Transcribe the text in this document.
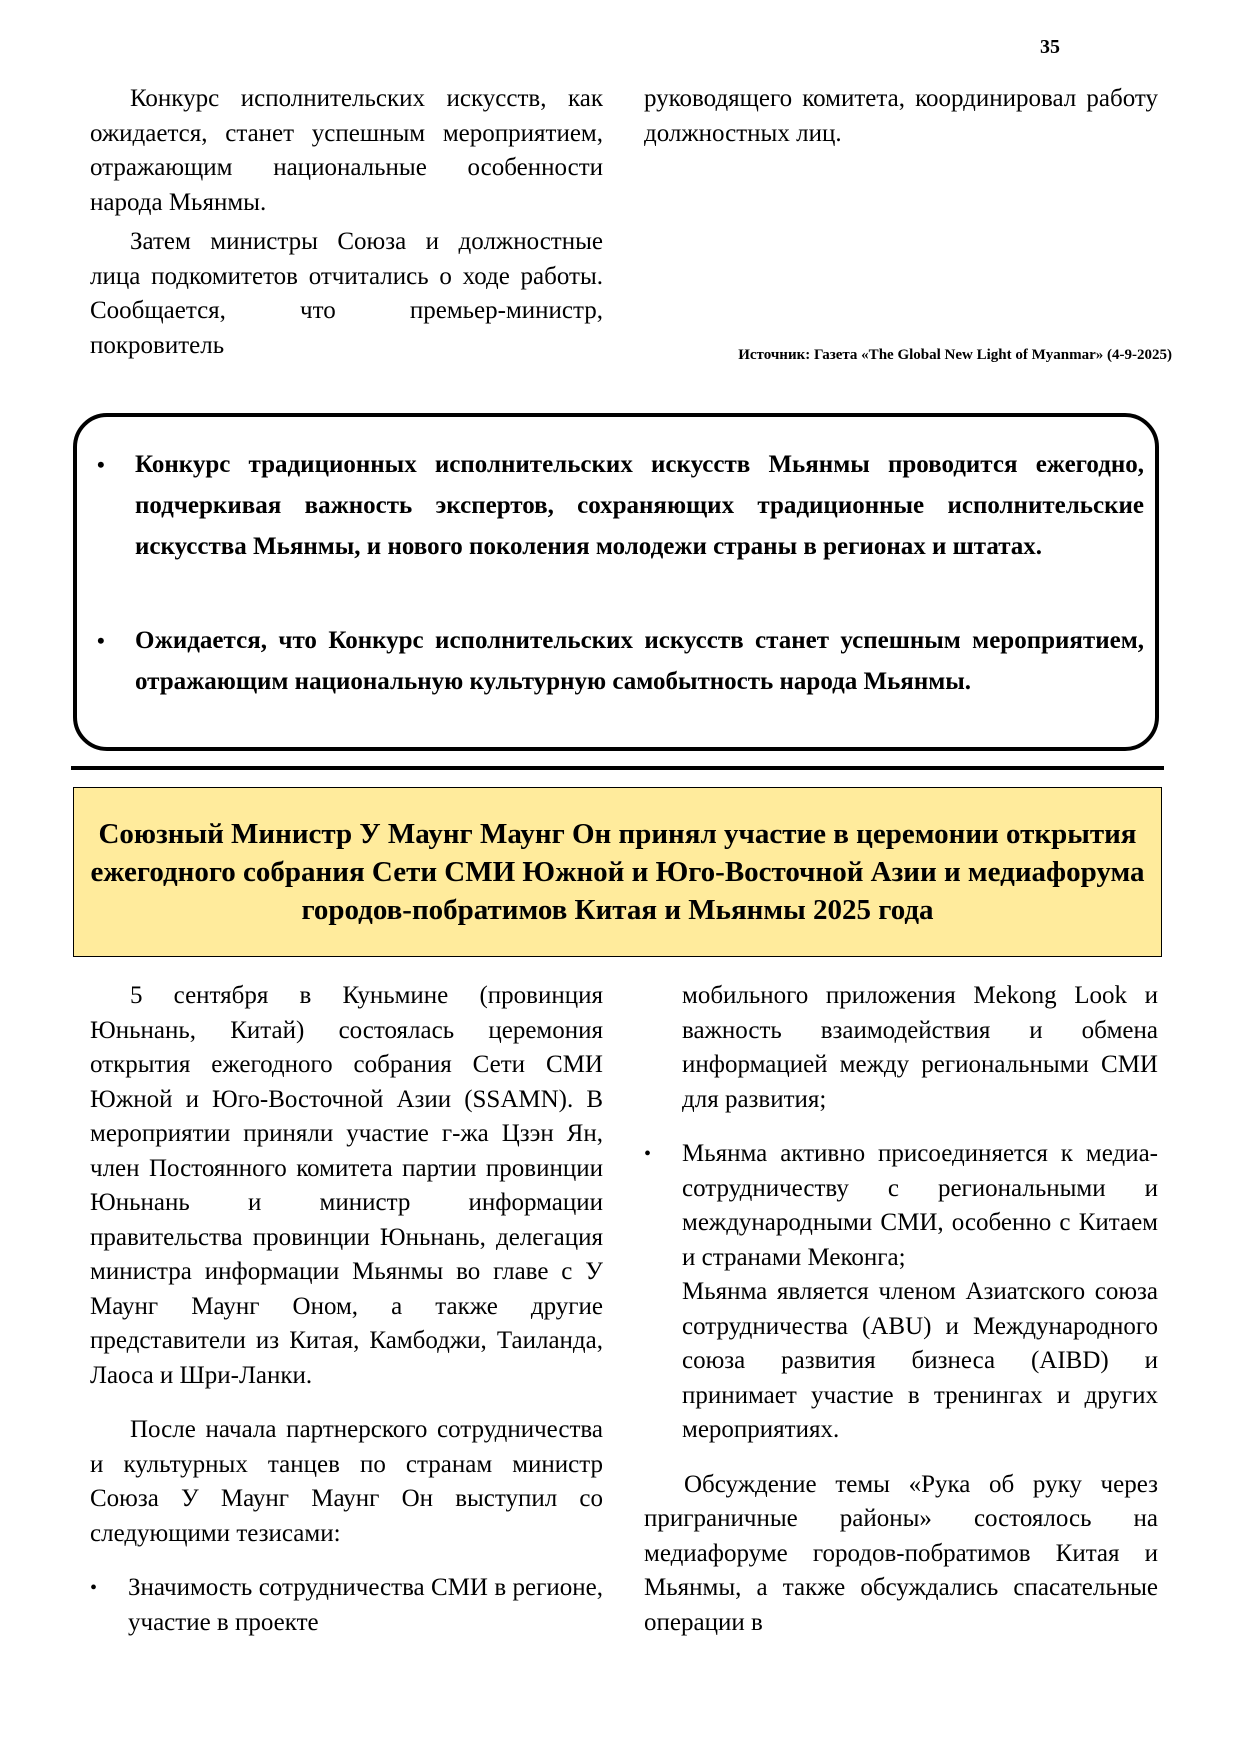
35

Конкурс исполнительских искусств, как ожидается, станет успешным мероприятием, отражающим национальные особенности народа Мьянмы.

Затем министры Союза и должностные лица подкомитетов отчитались о ходе работы. Сообщается, что премьер-министр, покровитель

руководящего комитета, координировал работу должностных лиц.

Источник: Газета «The Global New Light of Myanmar» (4-9-2025)
• Конкурс традиционных исполнительских искусств Мьянмы проводится ежегодно, подчеркивая важность экспертов, сохраняющих традиционные исполнительские искусства Мьянмы, и нового поколения молодежи страны в регионах и штатах.
• Ожидается, что Конкурс исполнительских искусств станет успешным мероприятием, отражающим национальную культурную самобытность народа Мьянмы.
Союзный Министр У Маунг Маунг Он принял участие в церемонии открытия ежегодного собрания Сети СМИ Южной и Юго-Восточной Азии и медиафорума городов-побратимов Китая и Мьянмы 2025 года

5 сентября в Куньмине (провинция Юньнань, Китай) состоялась церемония открытия ежегодного собрания Сети СМИ Южной и Юго-Восточной Азии (SSAMN). В мероприятии приняли участие г-жа Цзэн Ян, член Постоянного комитета партии провинции Юньнань и министр информации правительства провинции Юньнань, делегация министра информации Мьянмы во главе с У Маунг Маунг Оном, а также другие представители из Китая, Камбоджи, Таиланда, Лаоса и Шри-Ланки.

После начала партнерского сотрудничества и культурных танцев по странам министр Союза У Маунг Маунг Он выступил со следующими тезисами:

• Значимость сотрудничества СМИ в регионе, участие в проекте

мобильного приложения Mekong Look и важность взаимодействия и обмена информацией между региональными СМИ для развития;

• Мьянма активно присоединяется к медиа-сотрудничеству с региональными и международными СМИ, особенно с Китаем и странами Меконга;

Мьянма является членом Азиатского союза сотрудничества (ABU) и Международного союза развития бизнеса (AIBD) и принимает участие в тренингах и других мероприятиях.

Обсуждение темы «Рука об руку через приграничные районы» состоялось на медиафоруме городов-побратимов Китая и Мьянмы, а также обсуждались спасательные операции в
